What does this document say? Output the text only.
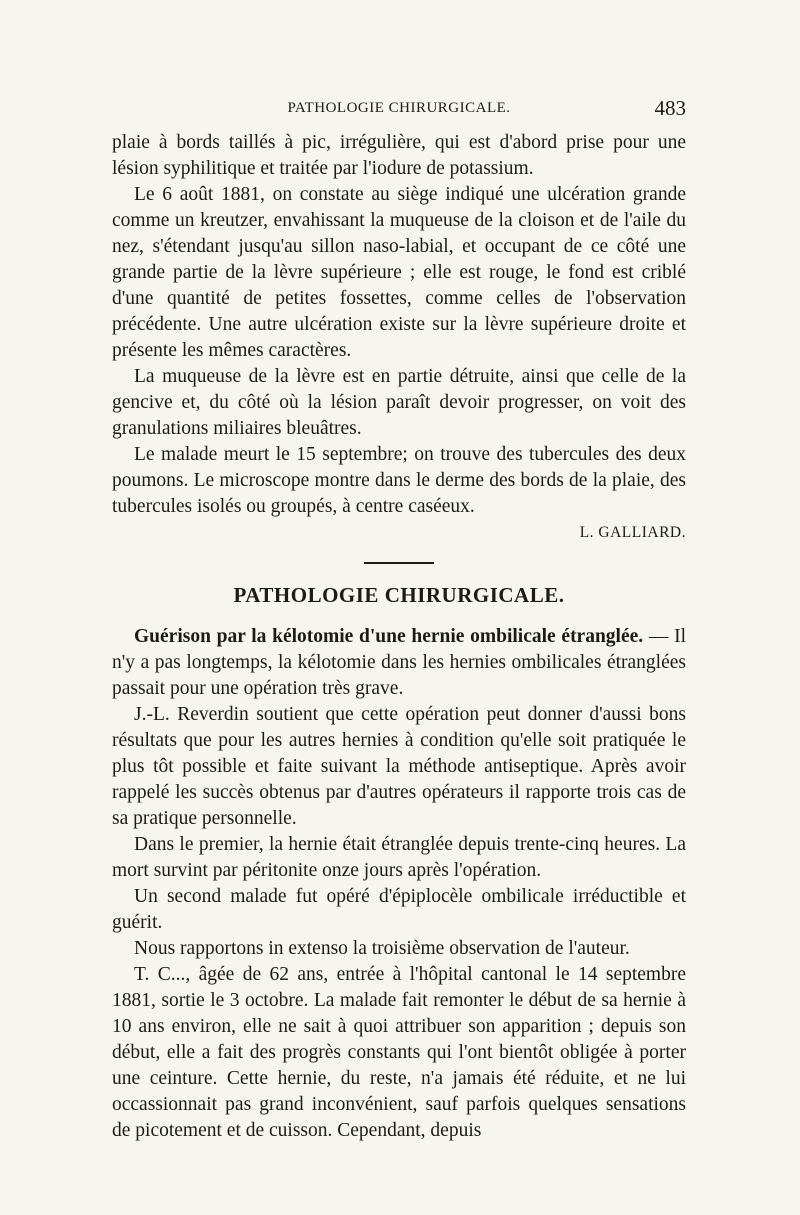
PATHOLOGIE CHIRURGICALE.	483

plaie à bords taillés à pic, irrégulière, qui est d'abord prise pour une lésion syphilitique et traitée par l'iodure de potassium.

Le 6 août 1881, on constate au siège indiqué une ulcération grande comme un kreutzer, envahissant la muqueuse de la cloison et de l'aile du nez, s'étendant jusqu'au sillon naso-labial, et occupant de ce côté une grande partie de la lèvre supérieure ; elle est rouge, le fond est criblé d'une quantité de petites fossettes, comme celles de l'observation précédente. Une autre ulcération existe sur la lèvre supérieure droite et présente les mêmes caractères.

La muqueuse de la lèvre est en partie détruite, ainsi que celle de la gencive et, du côté où la lésion paraît devoir progresser, on voit des granulations miliaires bleuâtres.

Le malade meurt le 15 septembre; on trouve des tubercules des deux poumons. Le microscope montre dans le derme des bords de la plaie, des tubercules isolés ou groupés, à centre caséeux.

L. GALLIARD.

PATHOLOGIE CHIRURGICALE.

Guérison par la kélotomie d'une hernie ombilicale étranglée. — Il n'y a pas longtemps, la kélotomie dans les hernies ombilicales étranglées passait pour une opération très grave.

J.-L. Reverdin soutient que cette opération peut donner d'aussi bons résultats que pour les autres hernies à condition qu'elle soit pratiquée le plus tôt possible et faite suivant la méthode antiseptique. Après avoir rappelé les succès obtenus par d'autres opérateurs il rapporte trois cas de sa pratique personnelle.

Dans le premier, la hernie était étranglée depuis trente-cinq heures. La mort survint par péritonite onze jours après l'opération.

Un second malade fut opéré d'épiplocèle ombilicale irréductible et guérit.

Nous rapportons in extenso la troisième observation de l'auteur.

T. C..., âgée de 62 ans, entrée à l'hôpital cantonal le 14 septembre 1881, sortie le 3 octobre. La malade fait remonter le début de sa hernie à 10 ans environ, elle ne sait à quoi attribuer son apparition ; depuis son début, elle a fait des progrès constants qui l'ont bientôt obligée à porter une ceinture. Cette hernie, du reste, n'a jamais été réduite, et ne lui occassionnait pas grand inconvénient, sauf parfois quelques sensations de picotement et de cuisson. Cependant, depuis
